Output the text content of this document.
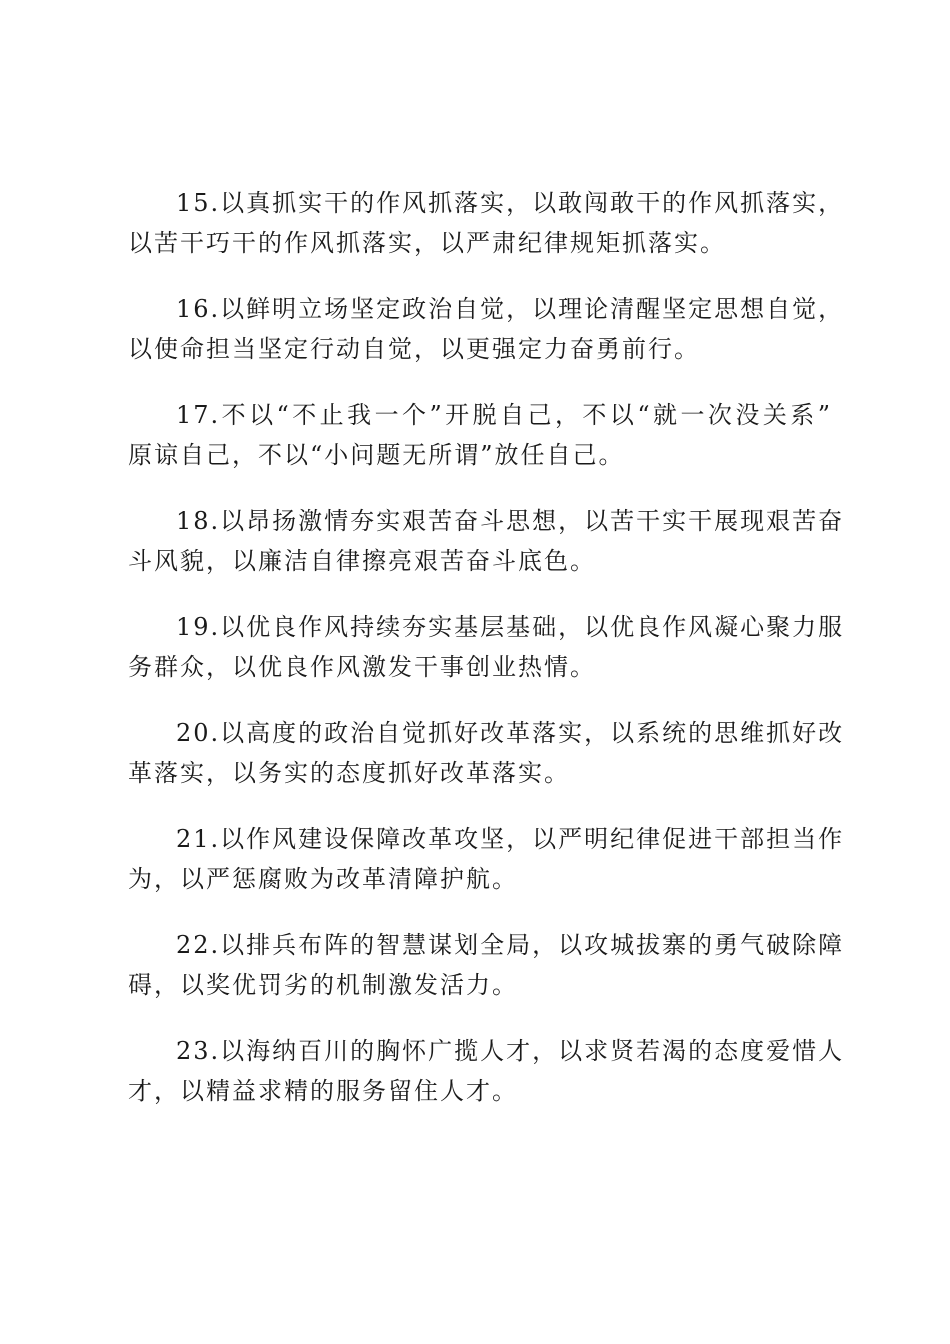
15.以真抓实干的作风抓落实，以敢闯敢干的作风抓落实，
以苦干巧干的作风抓落实，以严肃纪律规矩抓落实。

16.以鲜明立场坚定政治自觉，以理论清醒坚定思想自觉，
以使命担当坚定行动自觉，以更强定力奋勇前行。

17.不以“不止我一个”开脱自己，不以“就一次没关系”
原谅自己，不以“小问题无所谓”放任自己。

18.以昂扬激情夯实艰苦奋斗思想，以苦干实干展现艰苦奋
斗风貌，以廉洁自律擦亮艰苦奋斗底色。

19.以优良作风持续夯实基层基础，以优良作风凝心聚力服
务群众，以优良作风激发干事创业热情。

20.以高度的政治自觉抓好改革落实，以系统的思维抓好改
革落实，以务实的态度抓好改革落实。

21.以作风建设保障改革攻坚，以严明纪律促进干部担当作
为，以严惩腐败为改革清障护航。

22.以排兵布阵的智慧谋划全局，以攻城拔寨的勇气破除障
碍，以奖优罚劣的机制激发活力。

23.以海纳百川的胸怀广揽人才，以求贤若渴的态度爱惜人
才，以精益求精的服务留住人才。
